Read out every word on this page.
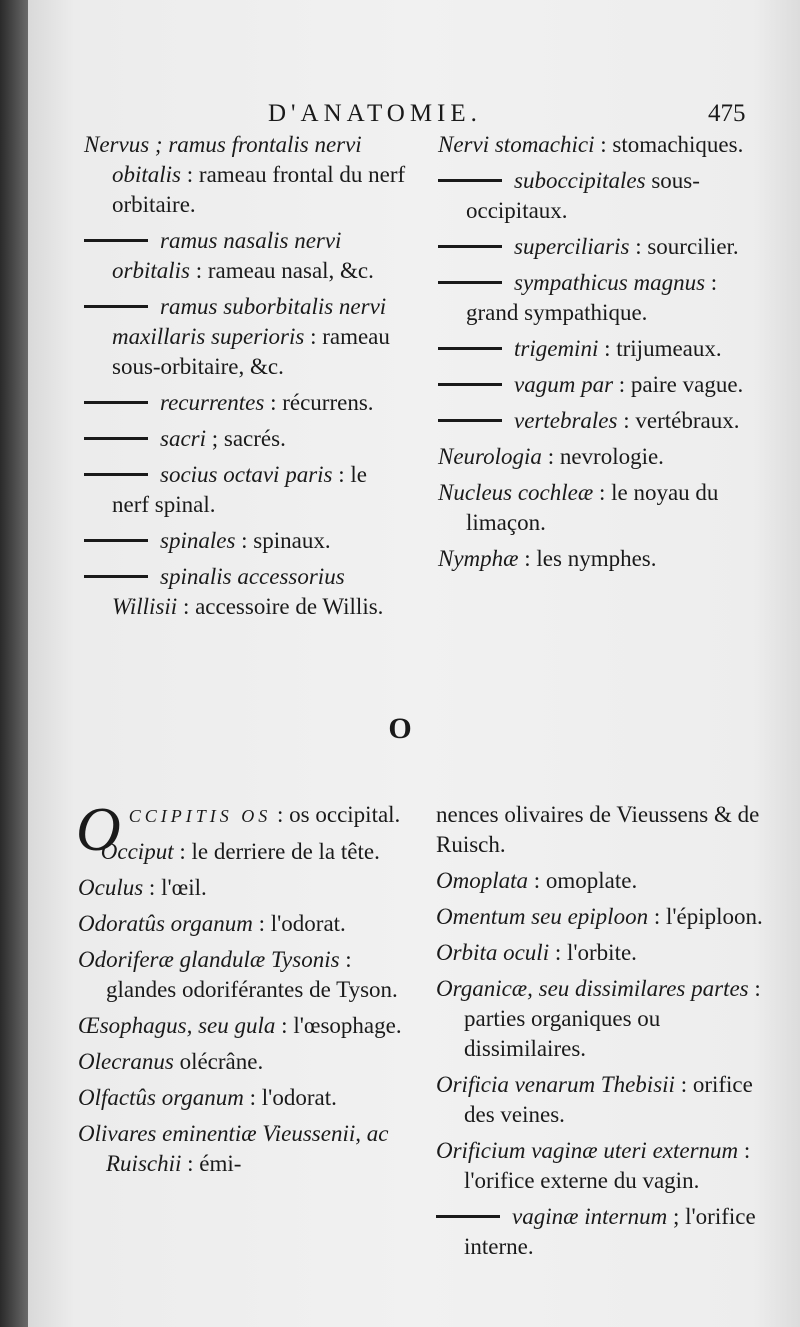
D'ANATOMIE.	475

Nervus ; ramus frontalis nervi obitalis : rameau frontal du nerf orbitaire.

ramus nasalis nervi orbitalis : rameau nasal, &c.

ramus suborbitalis nervi maxillaris superioris : rameau sous-orbitaire, &c.

recurrentes : récurrens.

sacri ; sacrés.

socius octavi paris : le nerf spinal.

spinales : spinaux.

spinalis accessorius Willisii : accessoire de Willis.

Nervi stomachici : stomachiques.

suboccipitales sous-occipitaux.

superciliaris : sourcilier.

sympathicus magnus : grand sympathique.

trigemini : trijumeaux.

vagum par : paire vague.

vertebrales : vertébraux.

Neurologia : nevrologie.

Nucleus cochleæ : le noyau du limaçon.

Nymphæ : les nymphes.

O

OCCIPITIS OS : os occipital.

Occiput : le derriere de la tête.

Oculus : l'œil.

Odoratûs organum : l'odorat.

Odoriferæ glandulæ Tysonis : glandes odoriférantes de Tyson.

Œsophagus, seu gula : l'œsophage.

Olecranus olécrâne.

Olfactûs organum : l'odorat.

Olivares eminentiæ Vieussenii, ac Ruischii : émi-

nences olivaires de Vieussens & de Ruisch.

Omoplata : omoplate.

Omentum seu epiploon : l'épiploon.

Orbita oculi : l'orbite.

Organicæ, seu dissimilares partes : parties organiques ou dissimilaires.

Orificia venarum Thebisii : orifice des veines.

Orificium vaginæ uteri externum : l'orifice externe du vagin.

vaginæ internum ; l'orifice interne.
